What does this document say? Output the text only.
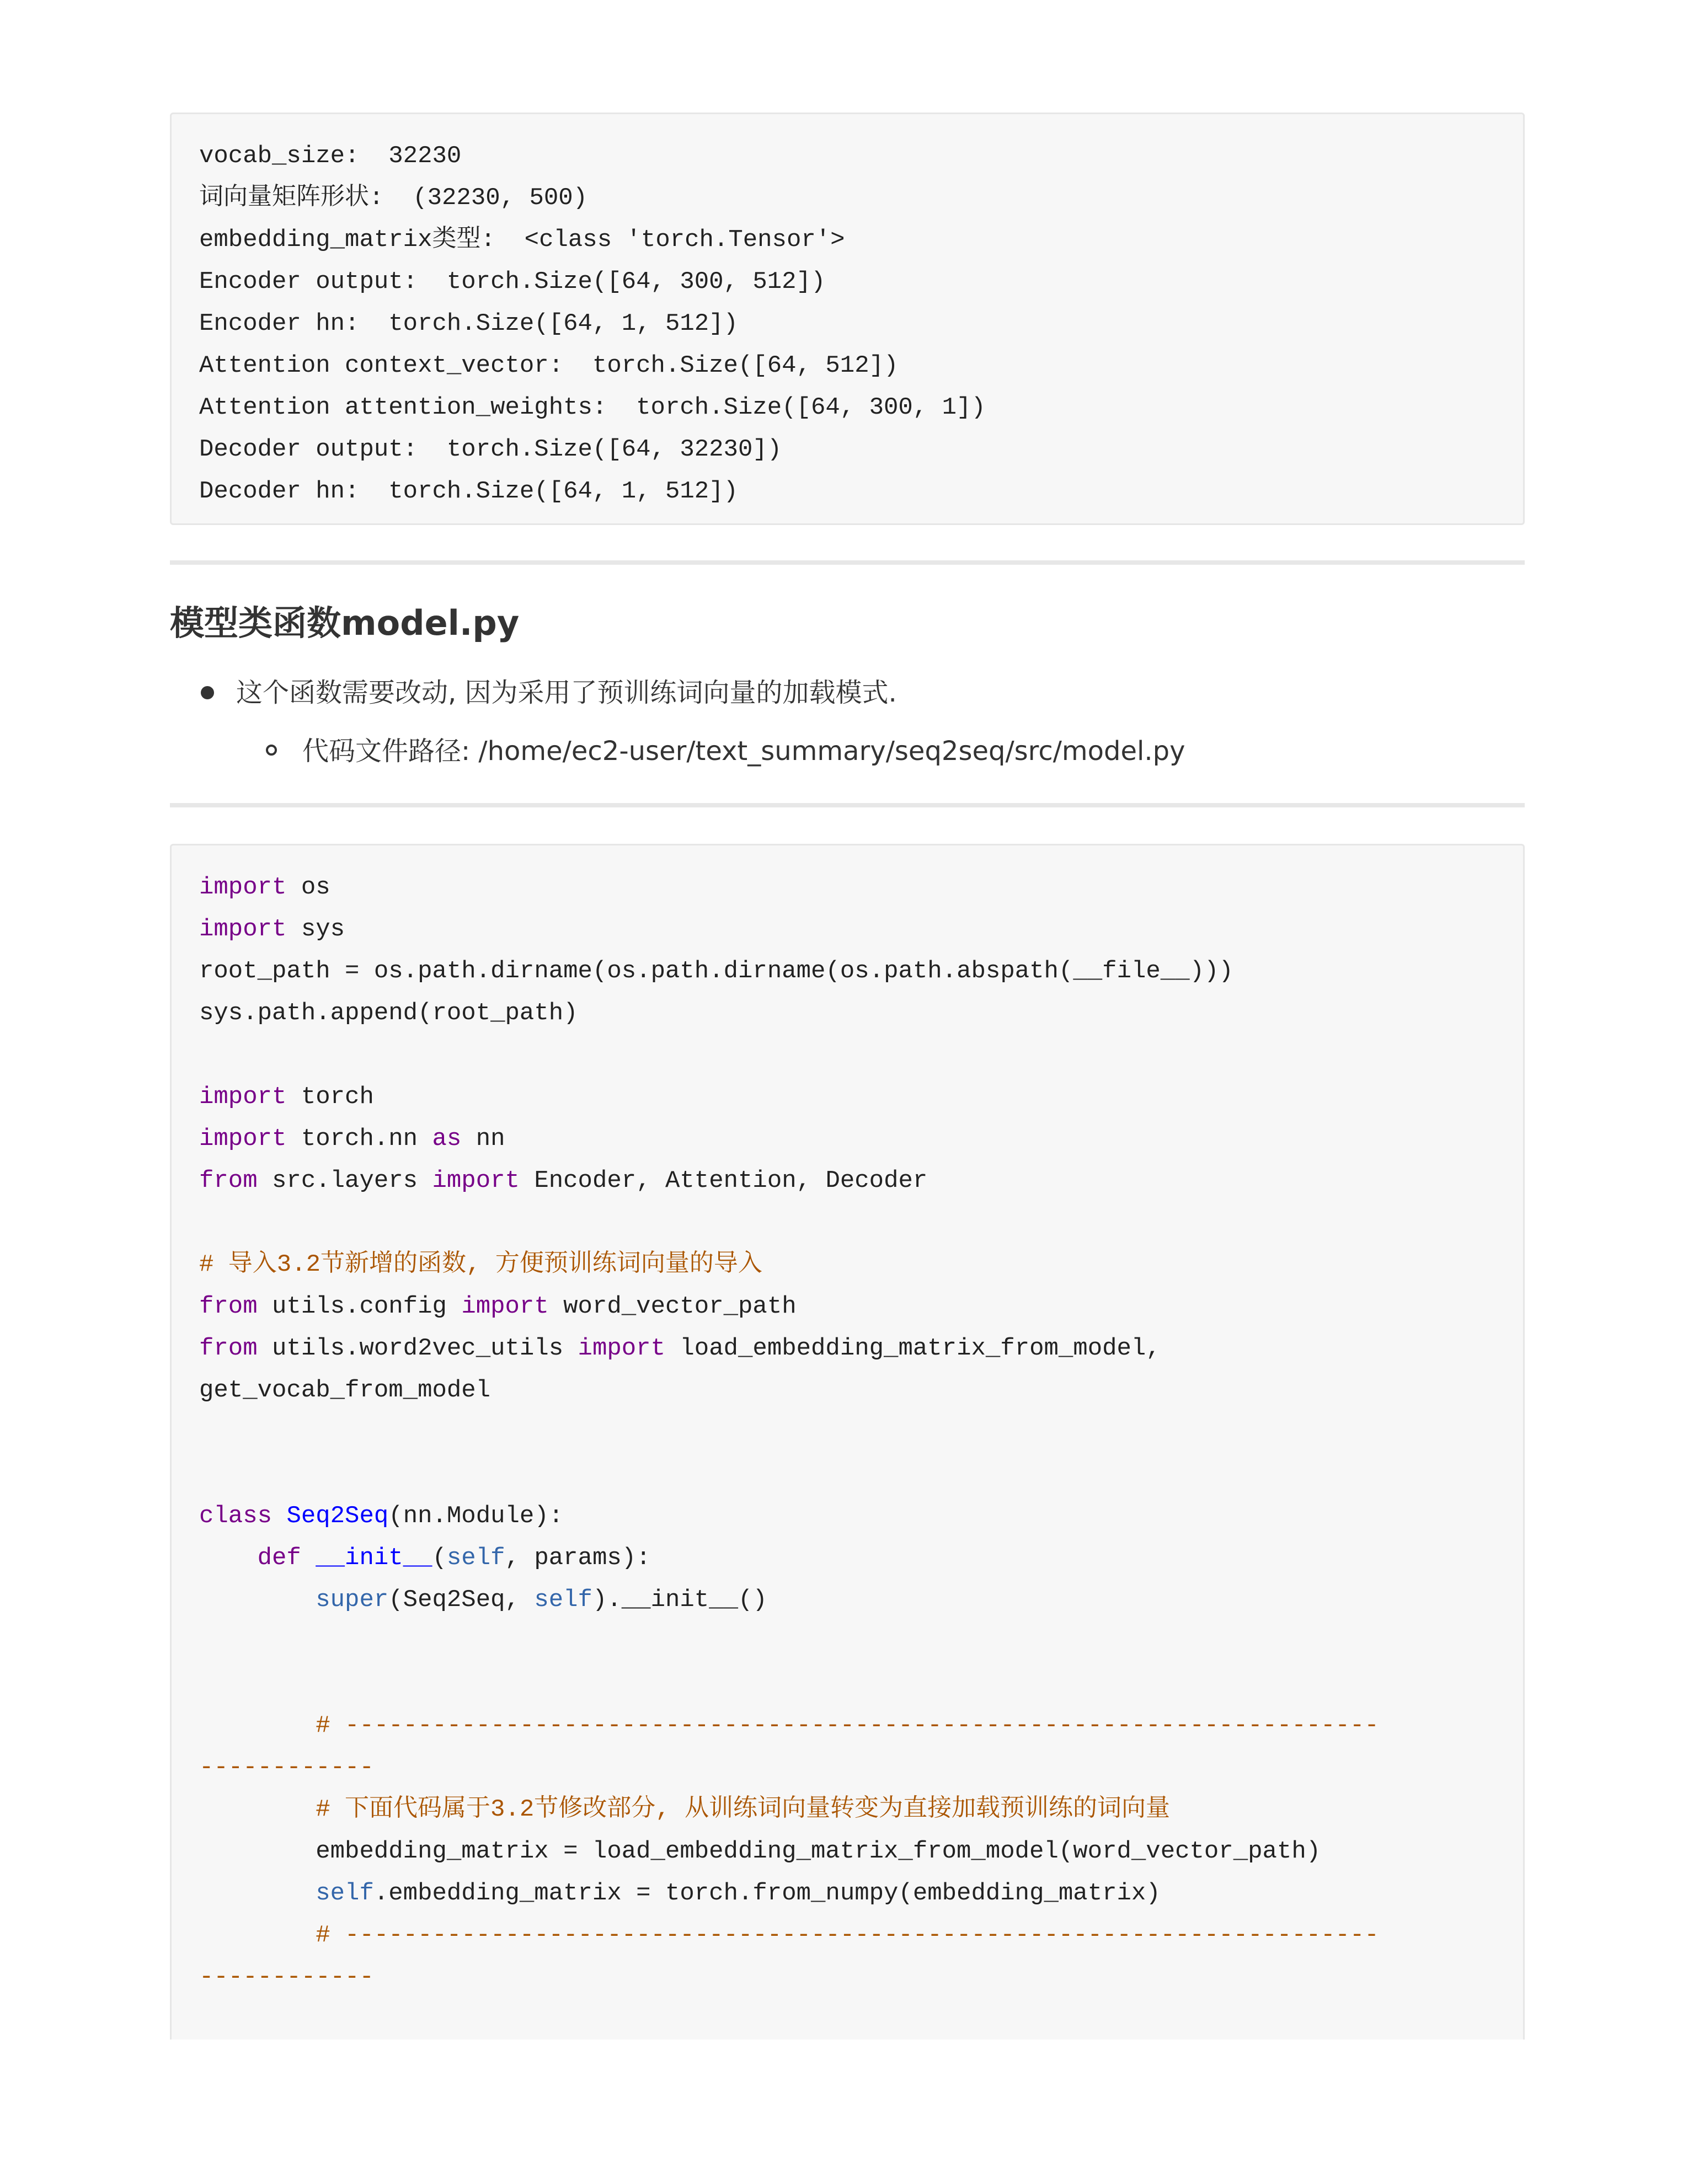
vocab_size:  32230
词向量矩阵形状:  (32230, 500)
embedding_matrix类型:  <class 'torch.Tensor'>
Encoder output:  torch.Size([64, 300, 512])
Encoder hn:  torch.Size([64, 1, 512])
Attention context_vector:  torch.Size([64, 512])
Attention attention_weights:  torch.Size([64, 300, 1])
Decoder output:  torch.Size([64, 32230])
Decoder hn:  torch.Size([64, 1, 512])
模型类函数model.py
这个函数需要改动, 因为采用了预训练词向量的加载模式.
代码文件路径: /home/ec2-user/text_summary/seq2seq/src/model.py
import os
import sys
root_path = os.path.dirname(os.path.dirname(os.path.abspath(__file__)))
sys.path.append(root_path)
import torch
import torch.nn as nn
from src.layers import Encoder, Attention, Decoder
# 导入3.2节新增的函数, 方便预训练词向量的导入
from utils.config import word_vector_path
from utils.word2vec_utils import load_embedding_matrix_from_model,
get_vocab_from_model
class Seq2Seq(nn.Module):
def __init__(self, params):
super(Seq2Seq, self).__init__()
# -----------------------------------------------------------------------
------------
# 下面代码属于3.2节修改部分, 从训练词向量转变为直接加载预训练的词向量
embedding_matrix = load_embedding_matrix_from_model(word_vector_path)
self.embedding_matrix = torch.from_numpy(embedding_matrix)
# -----------------------------------------------------------------------
------------
